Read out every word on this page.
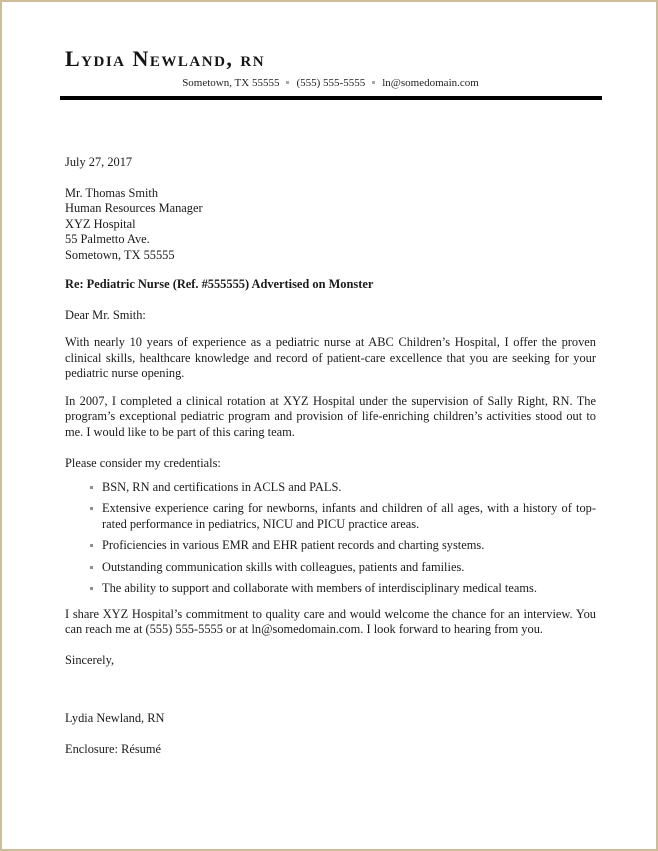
Lydia Newland, rn
Sometown, TX 55555 (555) 555-5555 ln@somedomain.com
July 27, 2017
Mr. Thomas Smith
Human Resources Manager
XYZ Hospital
55 Palmetto Ave.
Sometown, TX 55555
Re: Pediatric Nurse (Ref. #555555) Advertised on Monster
Dear Mr. Smith:

With nearly 10 years of experience as a pediatric nurse at ABC Children’s Hospital, I offer the proven clinical skills, healthcare knowledge and record of patient-care excellence that you are seeking for your pediatric nurse opening.

In 2007, I completed a clinical rotation at XYZ Hospital under the supervision of Sally Right, RN. The program’s exceptional pediatric program and provision of life-enriching children’s activities stood out to me. I would like to be part of this caring team.

Please consider my credentials:
BSN, RN and certifications in ACLS and PALS.
Extensive experience caring for newborns, infants and children of all ages, with a history of top-rated performance in pediatrics, NICU and PICU practice areas.
Proficiencies in various EMR and EHR patient records and charting systems.
Outstanding communication skills with colleagues, patients and families.
The ability to support and collaborate with members of interdisciplinary medical teams.

I share XYZ Hospital’s commitment to quality care and would welcome the chance for an interview. You can reach me at (555) 555-5555 or at ln@somedomain.com. I look forward to hearing from you.

Sincerely,
Lydia Newland, RN
Enclosure: Résumé
